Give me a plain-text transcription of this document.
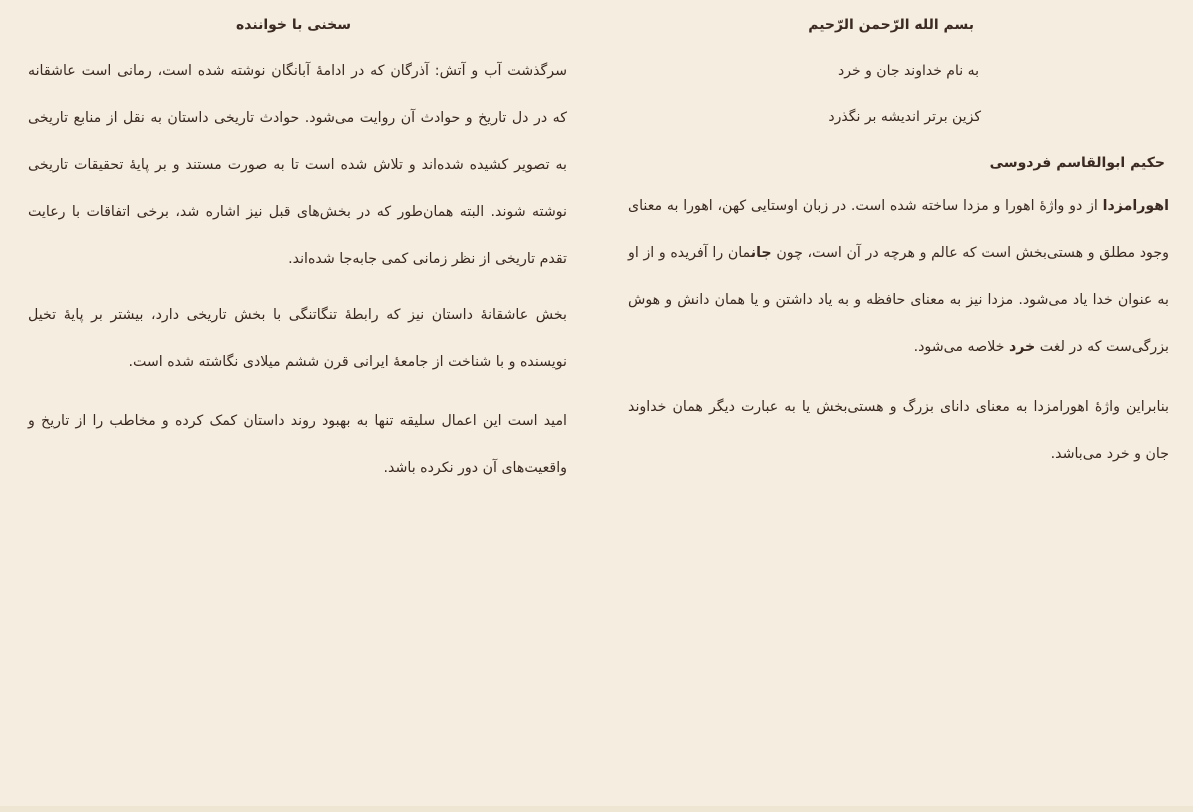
بسم الله الرّحمن الرّحیم
به نام خداوند جان و خرد
کزین برتر اندیشه بر نگذرد
حکیم ابوالقاسم فردوسی
اهورامزدا از دو واژهٔ اهورا و مزدا ساخته شده است. در زبان اوستایی کهن، اهورا به معنای وجود مطلق و هستی‌بخش است که عالم و هرچه در آن است، چون جانمان را آفریده و از او به عنوان خدا یاد می‌شود. مزدا نیز به معنای حافظه و به یاد داشتن و یا همان دانش و هوش بزرگی‌ست که در لغت خرد خلاصه می‌شود.
بنابراین واژهٔ اهورامزدا به معنای دانای بزرگ و هستی‌بخش یا به عبارت دیگر همان خداوند جان و خرد می‌باشد.
سخنی با خواننده
سرگذشت آب و آتش: آذرگان که در ادامهٔ آبانگان نوشته شده است، رمانی است عاشقانه که در دل تاریخ و حوادث آن روایت می‌شود. حوادث تاریخی داستان به نقل از منابع تاریخی به تصویر کشیده شده‌اند و تلاش شده است تا به صورت مستند و بر پایهٔ تحقیقات تاریخی نوشته شوند. البته همان‌طور که در بخش‌های قبل نیز اشاره شد، برخی اتفاقات با رعایت تقدم تاریخی از نظر زمانی کمی جابه‌جا شده‌اند.
بخش عاشقانهٔ داستان نیز که رابطهٔ تنگاتنگی با بخش تاریخی دارد، بیشتر بر پایهٔ تخیل نویسنده و با شناخت از جامعهٔ ایرانی قرن ششم میلادی نگاشته شده است.
امید است این اعمال سلیقه تنها به بهبود روند داستان کمک کرده و مخاطب را از تاریخ و واقعیت‌های آن دور نکرده باشد.
